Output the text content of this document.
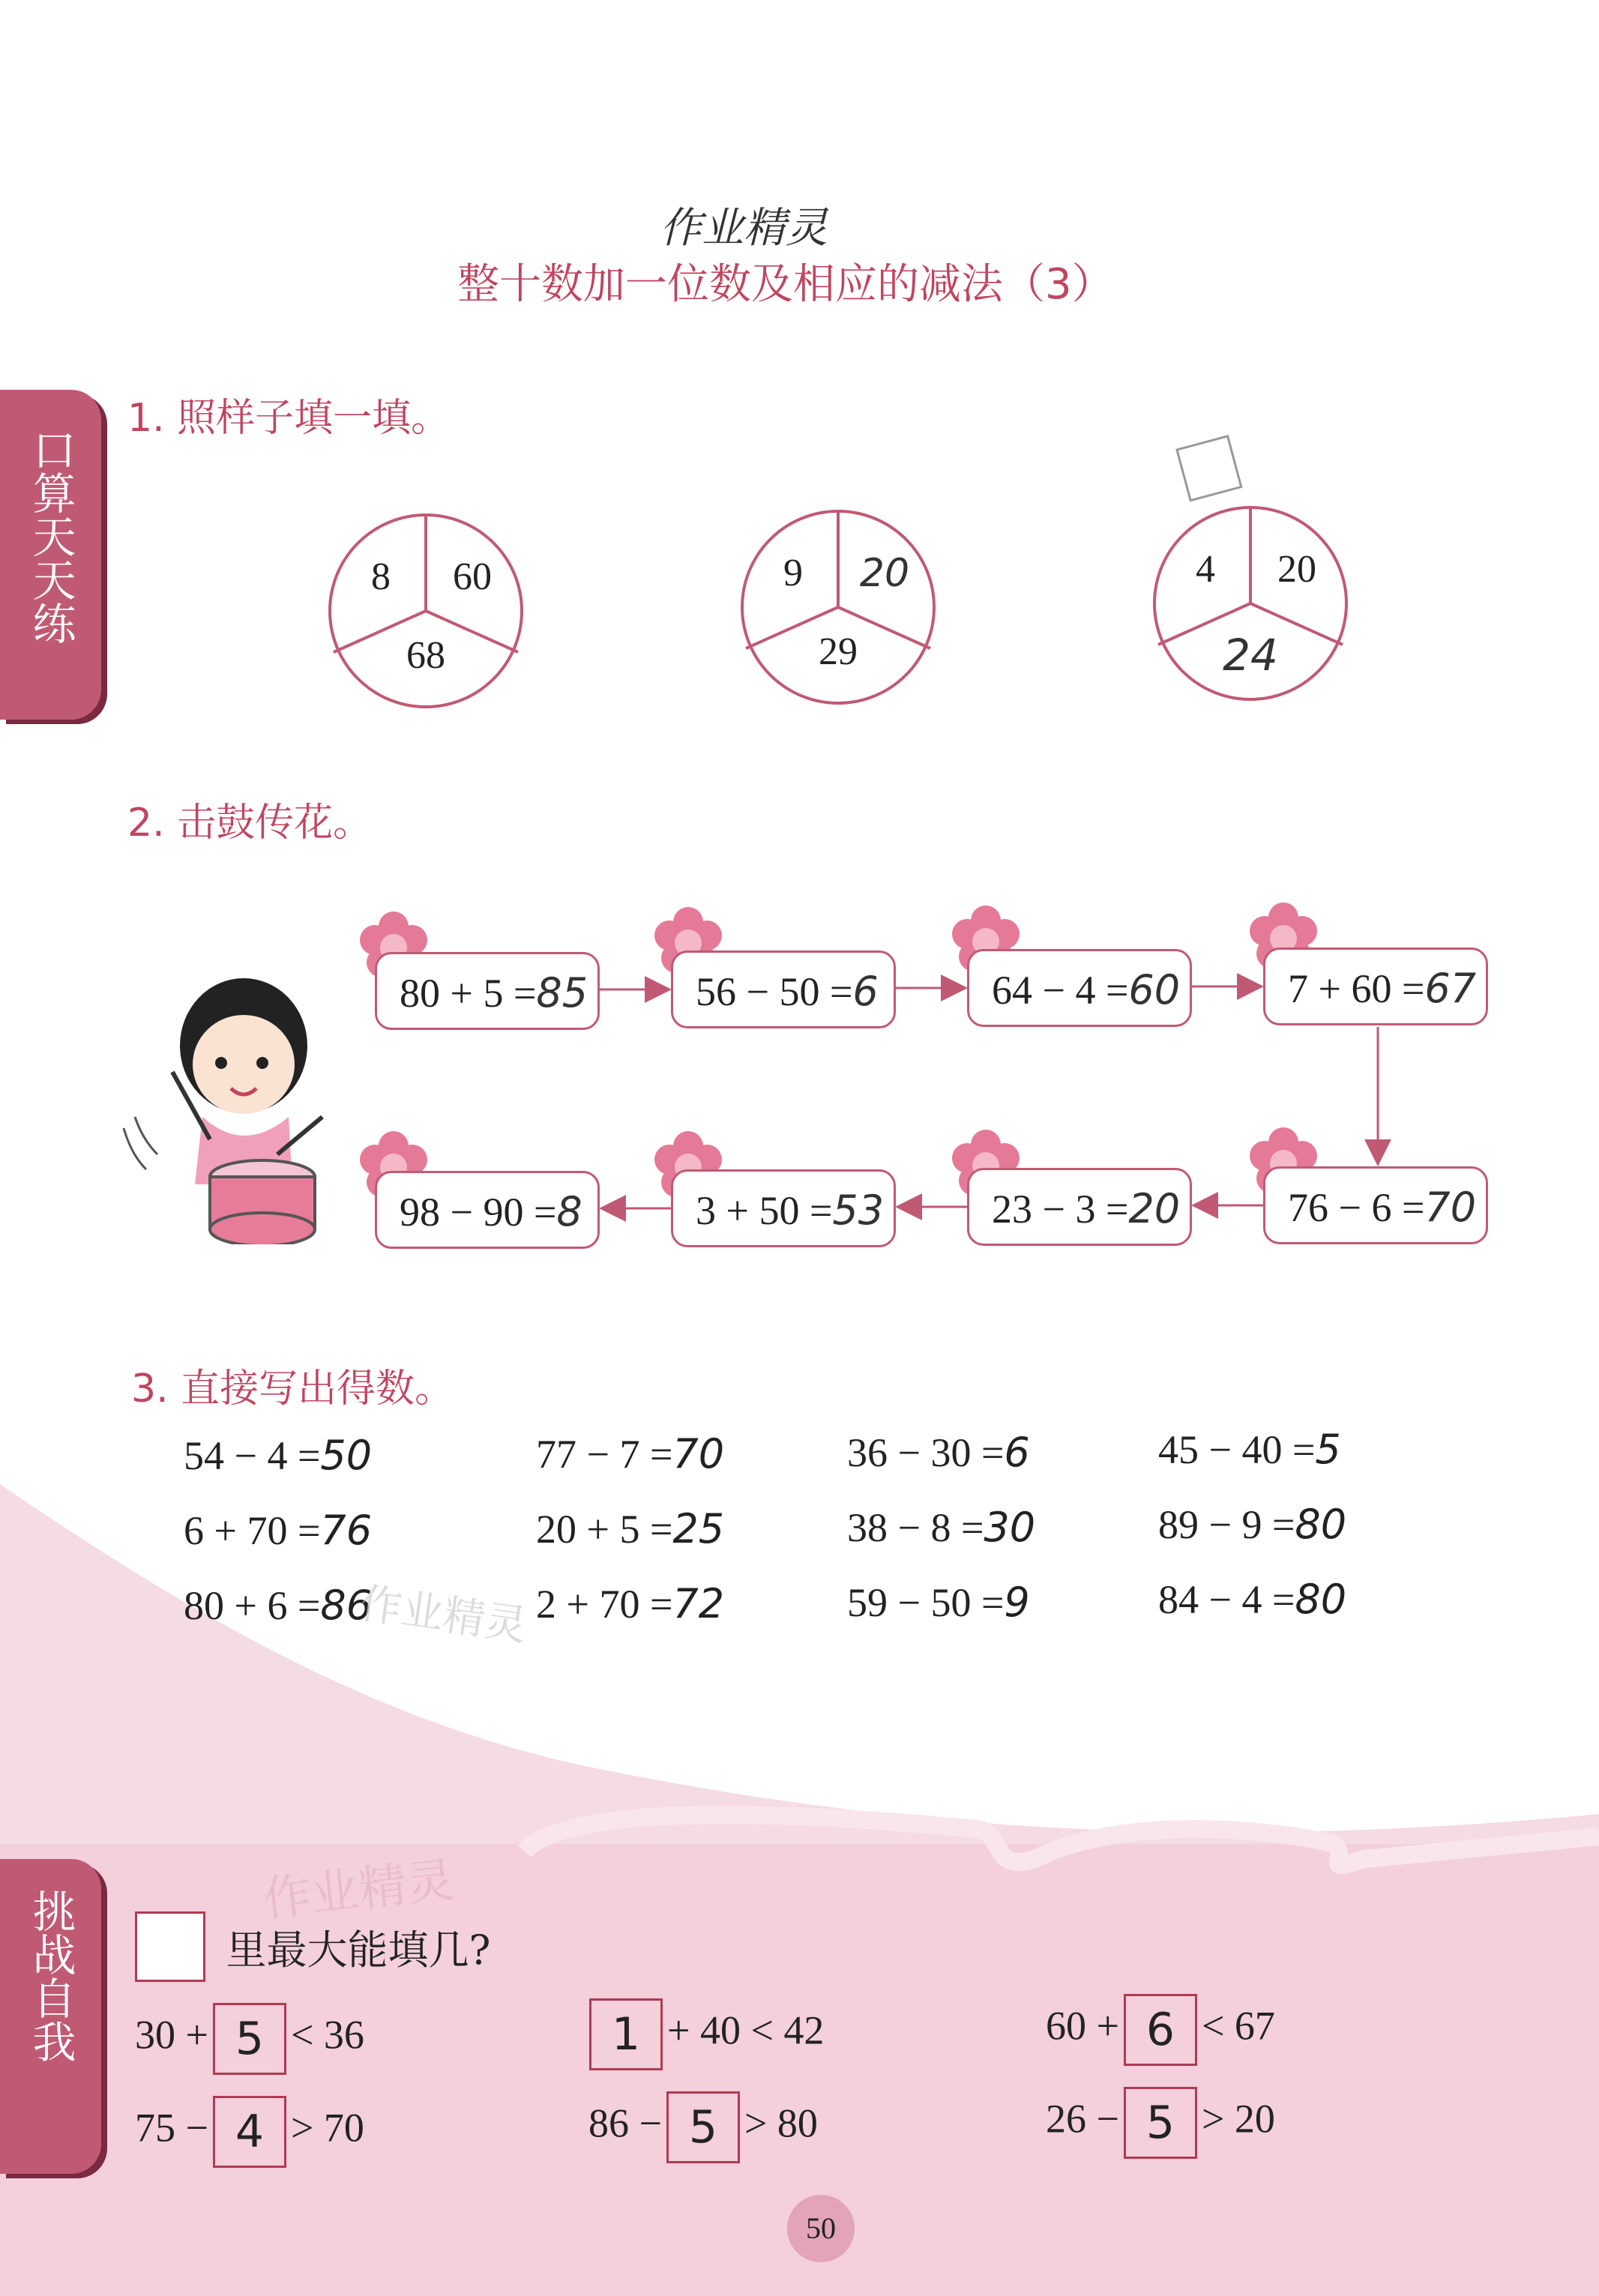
作业精灵
整十数加一位数及相应的减法（3）
口算天天练
1. 照样子填一填。
8	60
68
9	20
29
4	20
24
2. 击鼓传花。
80 + 5 =85	56 − 50 =6	64 − 4 =60	7 + 60 =67
98 − 90 =8	3 + 50 =53	23 − 3 =20	76 − 6 =70
3. 直接写出得数。
54 − 4 =50	77 − 7 =70	36 − 30 =6	45 − 40 =5
6 + 70 =76	20 + 5 =25	38 − 8 =30	89 − 9 =80
80 + 6 =86	2 + 70 =72	59 − 50 =9	84 − 4 =80
作业精灵
挑战自我	作业精灵
里最大能填几?
30 + 5 < 36	1 + 40 < 42	60 + 6 < 67
75 − 4 > 70	86 − 5 > 80	26 − 5 > 20
50
